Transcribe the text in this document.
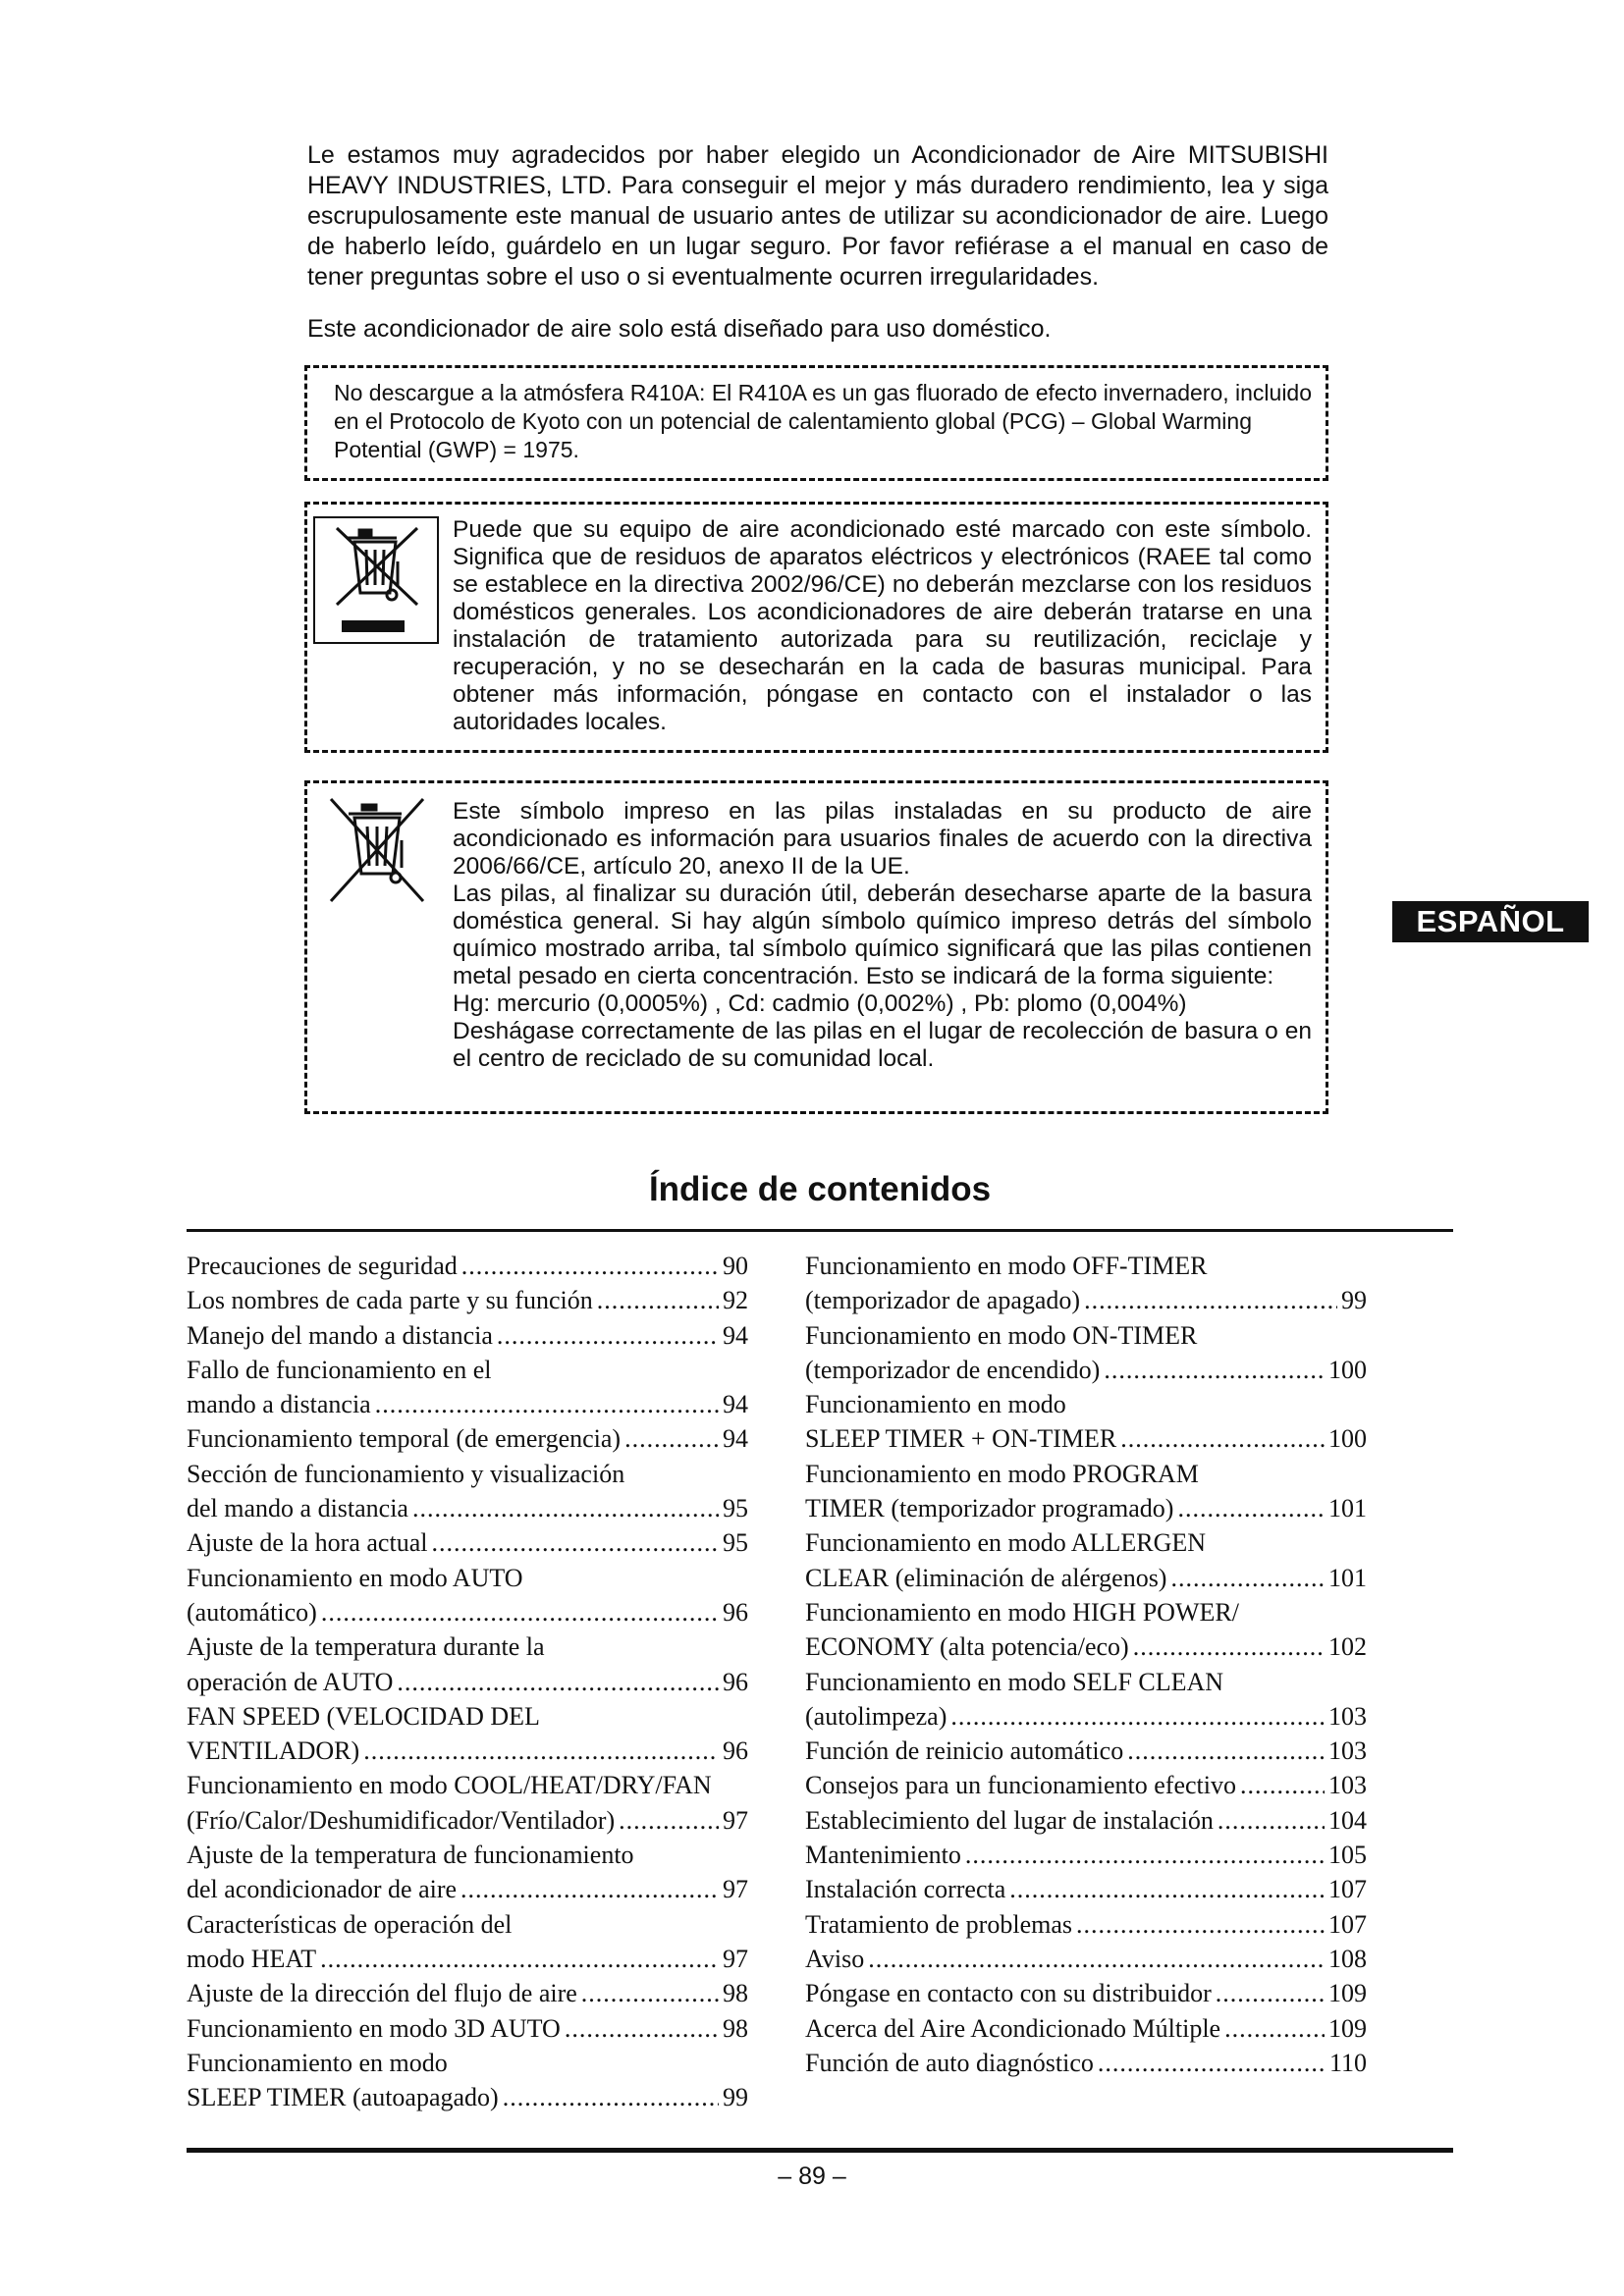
Le estamos muy agradecidos por haber elegido un Acondicionador de Aire MITSUBISHI HEAVY INDUSTRIES, LTD. Para conseguir el mejor y más duradero rendimiento, lea y siga escrupulosamente este manual de usuario antes de utilizar su acondicionador de aire. Luego de haberlo leído, guárdelo en un lugar seguro. Por favor refiérase a el manual en caso de tener preguntas sobre el uso o si eventualmente ocurren irregularidades.

Este acondicionador de aire solo está diseñado para uso doméstico.
No descargue a la atmósfera R410A: El R410A es un gas fluorado de efecto invernadero, incluido en el Protocolo de Kyoto con un potencial de calentamiento global (PCG) – Global Warming Potential (GWP) = 1975.
Puede que su equipo de aire acondicionado esté marcado con este símbolo. Significa que de residuos de aparatos eléctricos y electrónicos (RAEE tal como se establece en la directiva 2002/96/CE) no deberán mezclarse con los residuos domésticos generales. Los acondicionadores de aire deberán tratarse en una instalación de tratamiento autorizada para su reutilización, reciclaje y recuperación, y no se desecharán en la cada de basuras municipal. Para obtener más información, póngase en contacto con el instalador o las autoridades locales.
Este símbolo impreso en las pilas instaladas en su producto de aire acondicionado es información para usuarios finales de acuerdo con la directiva 2006/66/CE, artículo 20, anexo II de la UE.
Las pilas, al finalizar su duración útil, deberán desecharse aparte de la basura doméstica general. Si hay algún símbolo químico impreso detrás del símbolo químico mostrado arriba, tal símbolo químico significará que las pilas contienen metal pesado en cierta concentración. Esto se indicará de la forma siguiente:
Hg: mercurio (0,0005%) , Cd: cadmio (0,002%) , Pb: plomo (0,004%)
Deshágase correctamente de las pilas en el lugar de recolección de basura o en el centro de reciclado de su comunidad local.
ESPAÑOL
Índice de contenidos
Precauciones de seguridad .....	90
Los nombres de cada parte y su función .....	92
Manejo del mando a distancia .....	94
Fallo de funcionamiento en el
mando a distancia .....	94
Funcionamiento temporal (de emergencia) .....	94
Sección de funcionamiento y visualización
del mando a distancia .....	95
Ajuste de la hora actual .....	95
Funcionamiento en modo AUTO
(automático) .....	96
Ajuste de la temperatura durante la
operación de AUTO .....	96
FAN SPEED (VELOCIDAD DEL
VENTILADOR) .....	96
Funcionamiento en modo COOL/HEAT/DRY/FAN
(Frío/Calor/Deshumidificador/Ventilador) .....	97
Ajuste de la temperatura de funcionamiento
del acondicionador de aire .....	97
Características de operación del
modo HEAT .....	97
Ajuste de la dirección del flujo de aire .....	98
Funcionamiento en modo 3D AUTO .....	98
Funcionamiento en modo
SLEEP TIMER (autoapagado) .....	99
Funcionamiento en modo OFF-TIMER
(temporizador de apagado) .....	99
Funcionamiento en modo ON-TIMER
(temporizador de encendido) .....	100
Funcionamiento en modo
SLEEP TIMER + ON-TIMER .....	100
Funcionamiento en modo PROGRAM
TIMER (temporizador programado) .....	101
Funcionamiento en modo ALLERGEN
CLEAR (eliminación de alérgenos) .....	101
Funcionamiento en modo HIGH POWER/
ECONOMY (alta potencia/eco) .....	102
Funcionamiento en modo SELF CLEAN
(autolimpeza) .....	103
Función de reinicio automático .....	103
Consejos para un funcionamiento efectivo .....	103
Establecimiento del lugar de instalación .....	104
Mantenimiento .....	105
Instalación correcta .....	107
Tratamiento de problemas .....	107
Aviso .....	108
Póngase en contacto con su distribuidor .....	109
Acerca del Aire Acondicionado Múltiple .....	109
Función de auto diagnóstico .....	110
– 89 –
